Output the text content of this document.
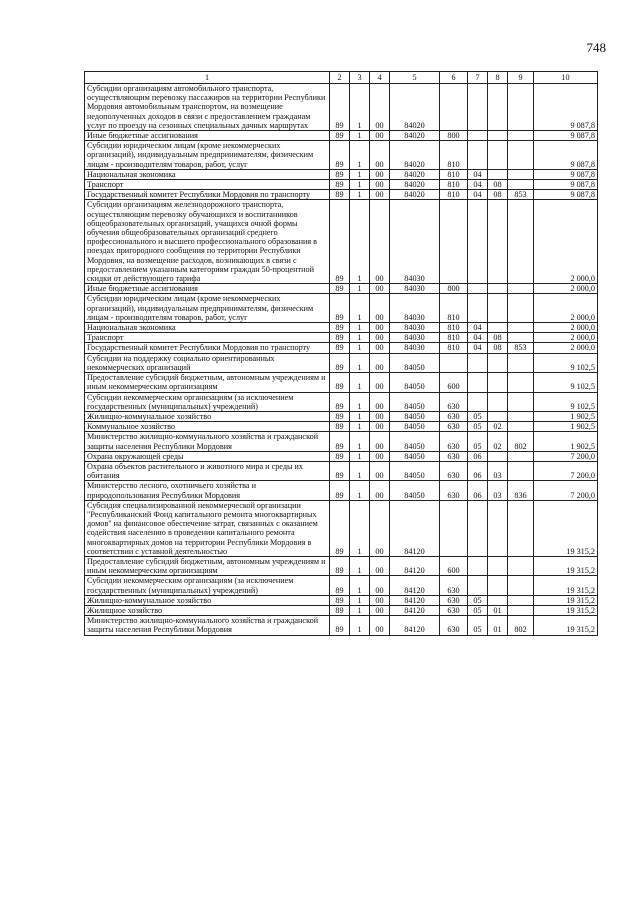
748
1	2	3	4	5	6	7	8	9	10
Субсидии организациям автомобильного транспорта, осуществляющим перевозку пассажиров на территории Республики Мордовия автомобильным транспортом, на возмещение недополученных доходов в связи с предоставлением гражданам услуг по проезду на сезонных специальных дачных маршрутах	89	1	00	84020					9 087,8
Иные бюджетные ассигнования	89	1	00	84020	800				9 087,8
Субсидии юридическим лицам (кроме некоммерческих организаций), индивидуальным предпринимателям, физическим лицам - производителям товаров, работ, услуг	89	1	00	84020	810				9 087,8
Национальная экономика	89	1	00	84020	810	04			9 087,8
Транспорт	89	1	00	84020	810	04	08		9 087,8
Государственный комитет Республики Мордовия по транспорту	89	1	00	84020	810	04	08	853	9 087,8
Субсидии организациям железнодорожного транспорта, осуществляющим перевозку обучающихся и воспитанников общеобразовательных организаций, учащихся очной формы обучения общеобразовательных организаций среднего профессионального и высшего профессионального образования в поездах пригородного сообщения по территории Республики Мордовия, на возмещение расходов, возникающих в связи с предоставлением указанным категориям граждан 50-процентной скидки от действующего тарифа	89	1	00	84030					2 000,0
Иные бюджетные ассигнования	89	1	00	84030	800				2 000,0
Субсидии юридическим лицам (кроме некоммерческих организаций), индивидуальным предпринимателям, физическим лицам - производителям товаров, работ, услуг	89	1	00	84030	810				2 000,0
Национальная экономика	89	1	00	84030	810	04			2 000,0
Транспорт	89	1	00	84030	810	04	08		2 000,0
Государственный комитет Республики Мордовия по транспорту	89	1	00	84030	810	04	08	853	2 000,0
Субсидии на поддержку социально ориентированных некоммерческих организаций	89	1	00	84050					9 102,5
Предоставление субсидий бюджетным, автономным учреждениям и иным некоммерческим организациям	89	1	00	84050	600				9 102,5
Субсидии некоммерческим организациям (за исключением государственных (муниципальных) учреждений)	89	1	00	84050	630				9 102,5
Жилищно-коммунальное хозяйство	89	1	00	84050	630	05			1 902,5
Коммунальное хозяйство	89	1	00	84050	630	05	02		1 902,5
Министерство жилищно-коммунального хозяйства и гражданской защиты населения Республики Мордовия	89	1	00	84050	630	05	02	802	1 902,5
Охрана окружающей среды	89	1	00	84050	630	06			7 200,0
Охрана объектов растительного и животного мира и среды их обитания	89	1	00	84050	630	06	03		7 200,0
Министерство лесного, охотничьего хозяйства и природопользования Республики Мордовия	89	1	00	84050	630	06	03	836	7 200,0
Субсидия специализированной некоммерческой организации "Республиканский Фонд капитального ремонта многоквартирных домов" на финансовое обеспечение затрат, связанных с оказанием содействия населению в проведении капитального ремонта многоквартирных домов на территории Республики Мордовия в соответствии с уставной деятельностью	89	1	00	84120					19 315,2
Предоставление субсидий бюджетным, автономным учреждениям и иным некоммерческим организациям	89	1	00	84120	600				19 315,2
Субсидии некоммерческим организациям (за исключением государственных (муниципальных) учреждений)	89	1	00	84120	630				19 315,2
Жилищно-коммунальное хозяйство	89	1	00	84120	630	05			19 315,2
Жилищное хозяйство	89	1	00	84120	630	05	01		19 315,2
Министерство жилищно-коммунального хозяйства и гражданской защиты населения Республики Мордовия	89	1	00	84120	630	05	01	802	19 315,2
